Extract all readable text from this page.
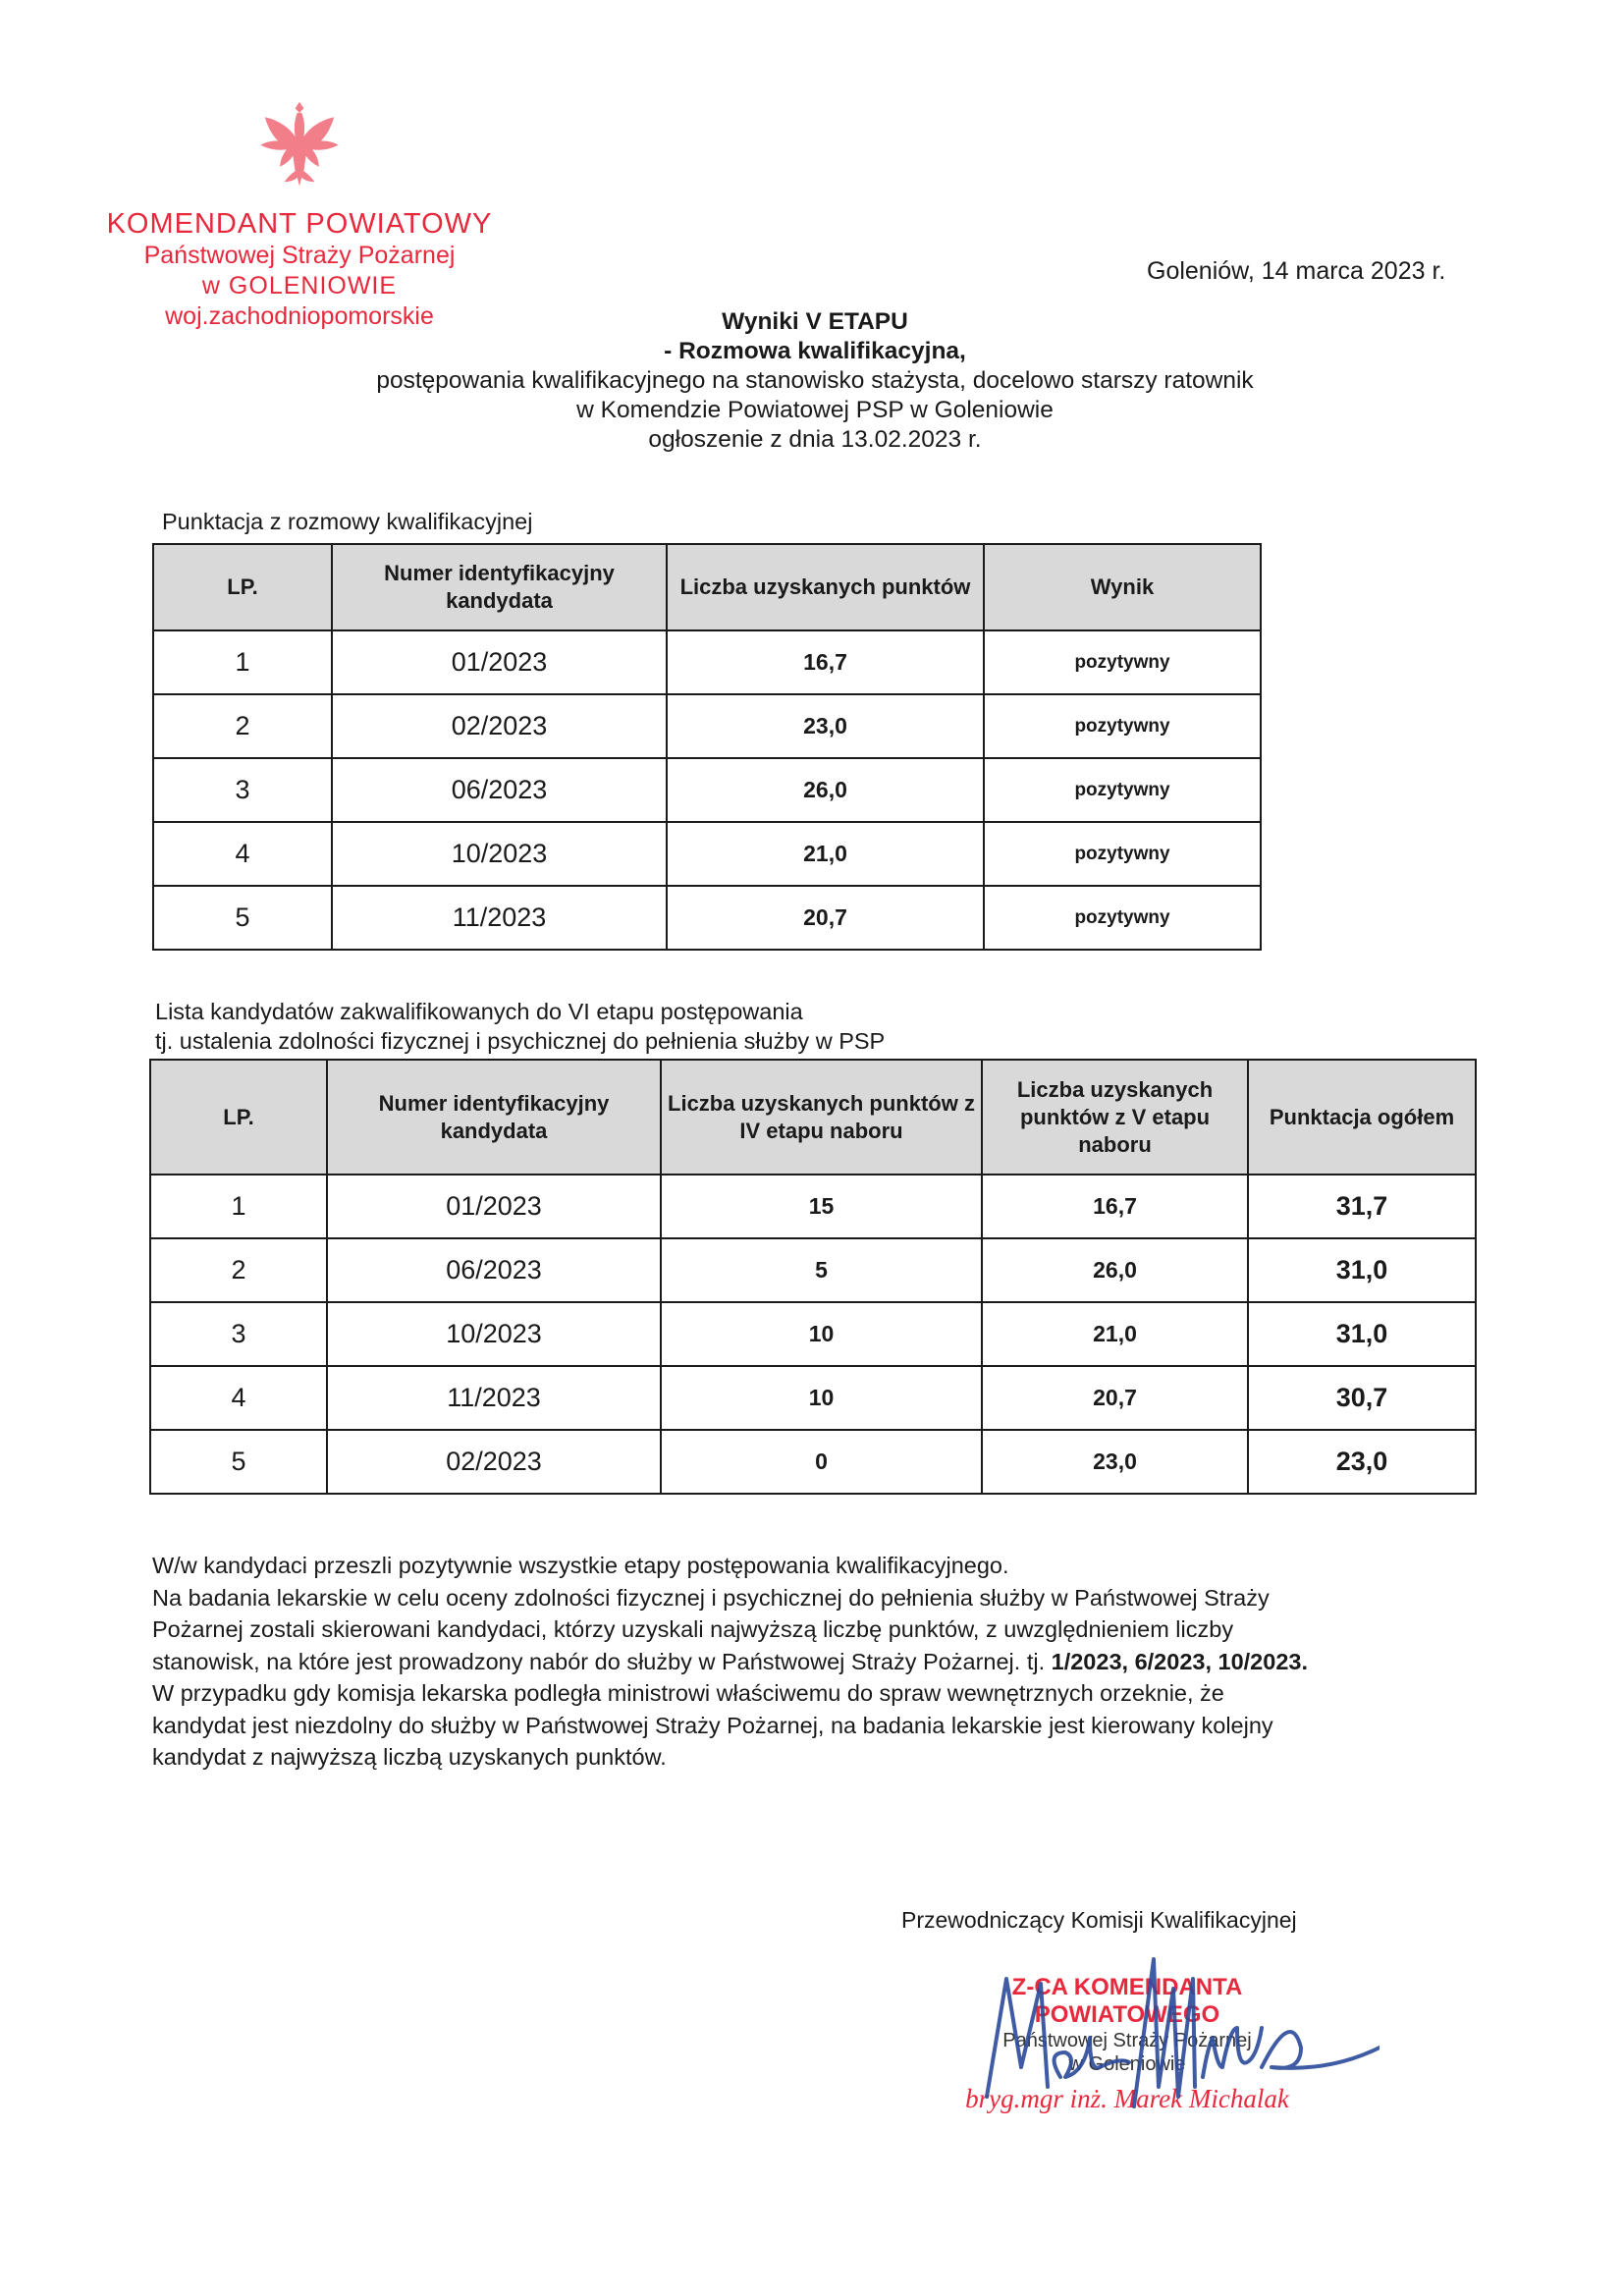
KOMENDANT POWIATOWY
Państwowej Straży Pożarnej
w GOLENIOWIE
woj.zachodniopomorskie
Goleniów, 14 marca 2023 r.
Wyniki V ETAPU
- Rozmowa kwalifikacyjna,
postępowania kwalifikacyjnego na stanowisko stażysta, docelowo starszy ratownik
w Komendzie Powiatowej PSP w Goleniowie
ogłoszenie z dnia 13.02.2023 r.
Punktacja z rozmowy kwalifikacyjnej
LP.	Numer identyfikacyjny kandydata	Liczba uzyskanych punktów	Wynik
1	01/2023	16,7	pozytywny
2	02/2023	23,0	pozytywny
3	06/2023	26,0	pozytywny
4	10/2023	21,0	pozytywny
5	11/2023	20,7	pozytywny
Lista kandydatów zakwalifikowanych do VI etapu postępowania
tj. ustalenia zdolności fizycznej i psychicznej do pełnienia służby w PSP
LP.	Numer identyfikacyjny kandydata	Liczba uzyskanych punktów z IV etapu naboru	Liczba uzyskanych punktów z V etapu naboru	Punktacja ogółem
1	01/2023	15	16,7	31,7
2	06/2023	5	26,0	31,0
3	10/2023	10	21,0	31,0
4	11/2023	10	20,7	30,7
5	02/2023	0	23,0	23,0

W/w kandydaci przeszli pozytywnie wszystkie etapy postępowania kwalifikacyjnego.

Na badania lekarskie w celu oceny zdolności fizycznej i psychicznej do pełnienia służby w Państwowej Straży

Pożarnej zostali skierowani kandydaci, którzy uzyskali najwyższą liczbę punktów, z uwzględnieniem liczby

stanowisk, na które jest prowadzony nabór do służby w Państwowej Straży Pożarnej. tj. 1/2023, 6/2023, 10/2023.

W przypadku gdy komisja lekarska podległa ministrowi właściwemu do spraw wewnętrznych orzeknie, że

kandydat jest niezdolny do służby w Państwowej Straży Pożarnej, na badania lekarskie jest kierowany kolejny

kandydat z najwyższą liczbą uzyskanych punktów.

Przewodniczący Komisji Kwalifikacyjnej
Z-CA KOMENDANTA POWIATOWEGO
Państwowej Straży Pożarnej
w Goleniowie
bryg.mgr inż. Marek Michalak
